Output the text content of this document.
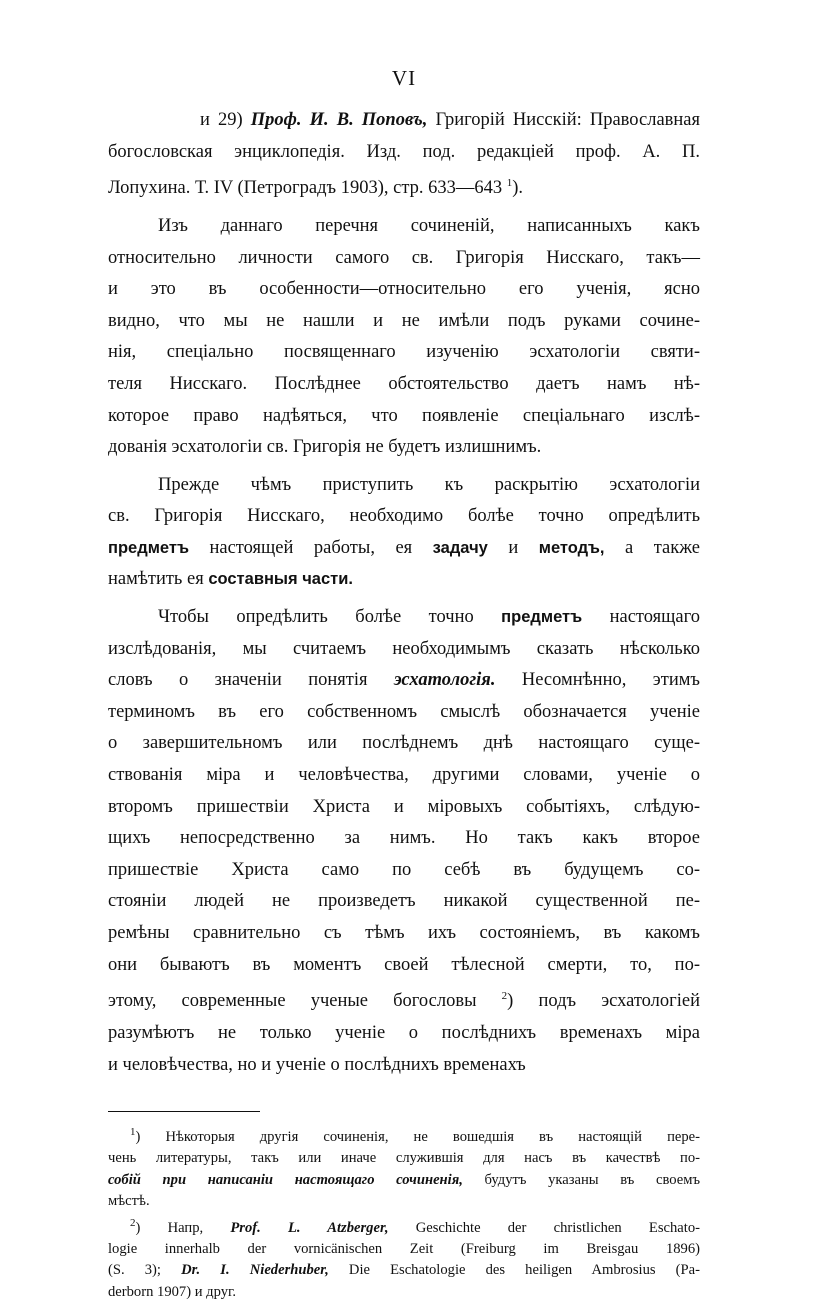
VI
и 29) Проф. И. В. Поповъ, Григорій Нисскій: Православная
богословская энциклопедія. Изд. под. редакціей проф. А. П.
Лопухина. Т. IV (Петроградъ 1903), стр. 633—643 $^1$).
Изъ даннаго перечня сочиненій, написанныхъ какъ
относительно личности самого св. Григорія Нисскаго, такъ—
и это въ особенности—относительно его ученія, ясно
видно, что мы не нашли и не имѣли подъ руками сочине-
нія, спеціально посвященнаго изученію эсхатологіи святи-
теля Нисскаго. Послѣднее обстоятельство даетъ намъ нѣ-
которое право надѣяться, что появленіе спеціальнаго изслѣ-
дованія эсхатологіи св. Григорія не будетъ излишнимъ.
Прежде чѣмъ приступить къ раскрытію эсхатологіи
св. Григорія Нисскаго, необходимо болѣе точно опредѣлить
предметъ настоящей работы, ея задачу и методъ, а также
намѣтить ея составныя части.
Чтобы опредѣлить болѣе точно предметъ настоящаго
изслѣдованія, мы считаемъ необходимымъ сказать нѣсколько
словъ о значеніи понятія эсхатологія. Несомнѣнно, этимъ
терминомъ въ его собственномъ смыслѣ обозначается ученіе
о завершительномъ или послѣднемъ днѣ настоящаго суще-
ствованія міра и человѣчества, другими словами, ученіе о
второмъ пришествіи Христа и міровыхъ событіяхъ, слѣдую-
щихъ непосредственно за нимъ. Но такъ какъ второе
пришествіе Христа само по себѣ въ будущемъ со-
стояніи людей не произведетъ никакой существенной пе-
ремѣны сравнительно съ тѣмъ ихъ состояніемъ, въ какомъ
они бываютъ въ моментъ своей тѣлесной смерти, то, по-
этому, современные ученые богословы $^2$) подъ эсхатологіей
разумѣютъ не только ученіе о послѣднихъ временахъ міра
и человѣчества, но и ученіе о послѣднихъ временахъ
$^1$) Нѣкоторыя другія сочиненія, не вошедшія въ настоящій пере-
чень литературы, такъ или иначе служившія для насъ въ качествѣ по-
собій при написаніи настоящаго сочиненія, будутъ указаны въ своемъ
мѣстѣ.
$^2$) Напр, Prof. L. Atzberger, Geschichte der christlichen Eschato-
logie innerhalb der vornicänischen Zeit (Freiburg im Breisgau 1896)
(S. 3); Dr. I. Niederhuber, Die Eschatologie des heiligen Ambrosius (Pa-
derborn 1907) и друг.
